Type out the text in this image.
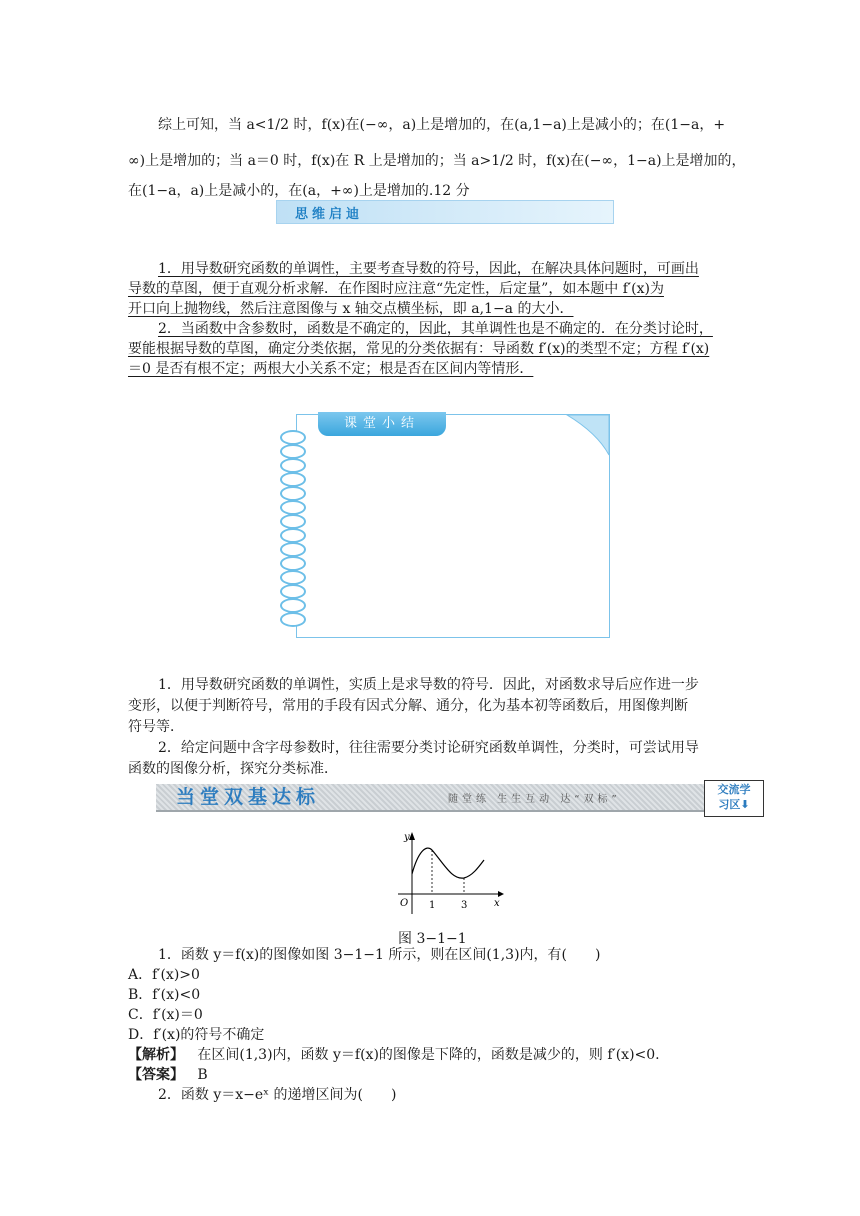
综上可知，当 a<1/2 时，f(x)在(−∞，a)上是增加的，在(a,1−a)上是减小的；在(1−a，+
∞)上是增加的；当 a＝0 时，f(x)在 R 上是增加的；当 a>1/2 时，f(x)在(−∞，1−a)上是增加的，
在(1−a，a)上是减小的，在(a，+∞)上是增加的.12 分
思维启迪
1．用导数研究函数的单调性，主要考查导数的符号，因此，在解决具体问题时，可画出
导数的草图，便于直观分析求解．在作图时应注意“先定性，后定量”，如本题中 f′(x)为
开口向上抛物线，然后注意图像与 x 轴交点横坐标，即 a,1−a 的大小．
2．当函数中含参数时，函数是不确定的，因此，其单调性也是不确定的．在分类讨论时，
要能根据导数的草图，确定分类依据，常见的分类依据有：导函数 f′(x)的类型不定；方程 f′(x)
＝0 是否有根不定；两根大小关系不定；根是否在区间内等情形．
课堂小结
1．用导数研究函数的单调性，实质上是求导数的符号．因此，对函数求导后应作进一步
变形，以便于判断符号，常用的手段有因式分解、通分，化为基本初等函数后，用图像判断
符号等．
2．给定问题中含字母参数时，往往需要分类讨论研究函数单调性，分类时，可尝试用导
函数的图像分析，探究分类标准．
当堂双基达标	随堂练 生生互动 达“双标”
交流学
习区⬇
y
x
O 1	3
图 3−1−1
1．函数 y＝f(x)的图像如图 3−1−1 所示，则在区间(1,3)内，有(　　)
A．f′(x)>0
B．f′(x)<0
C．f′(x)＝0
D．f′(x)的符号不确定
【解析】 在区间(1,3)内，函数 y＝f(x)的图像是下降的，函数是减少的，则 f′(x)<0.
【答案】 B
2．函数 y＝x−eˣ 的递增区间为(　　)
